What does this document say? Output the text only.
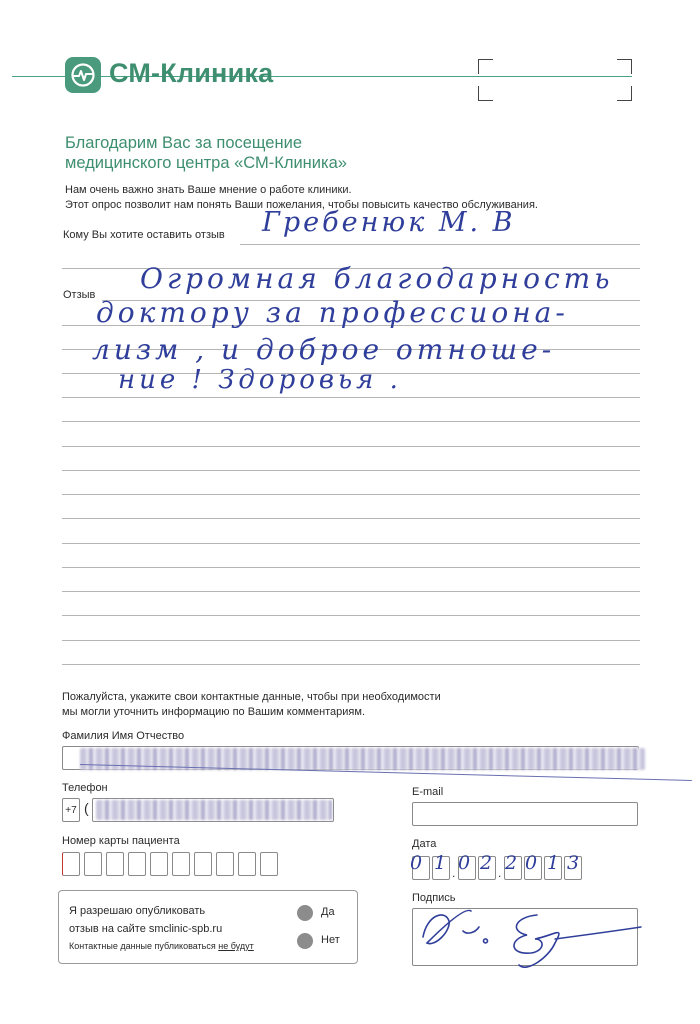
СМ-Клиника
Благодарим Вас за посещение
медицинского центра «СМ-Клиника»
Нам очень важно знать Ваше мнение о работе клиники.
Этот опрос позволит нам понять Ваши пожелания, чтобы повысить качество обслуживания.
Кому Вы хотите оставить отзыв Гребенюк М. В
Отзыв Огромная благодарность
доктору за профессиона-
лизм , и доброе отноше-
ние ! Здоровья .
Пожалуйста, укажите свои контактные данные, чтобы при необходимости
мы могли уточнить информацию по Вашим комментариям.
Фамилия Имя Отчество
Телефон
+7 (
E-mail
Номер карты пациента	Дата
.	.
0 1 0 2 2 0 1 3
Подпись
Я разрешаю опубликовать
отзыв на сайте smclinic-spb.ru
Контактные данные публиковаться не будут
Да
Нет
